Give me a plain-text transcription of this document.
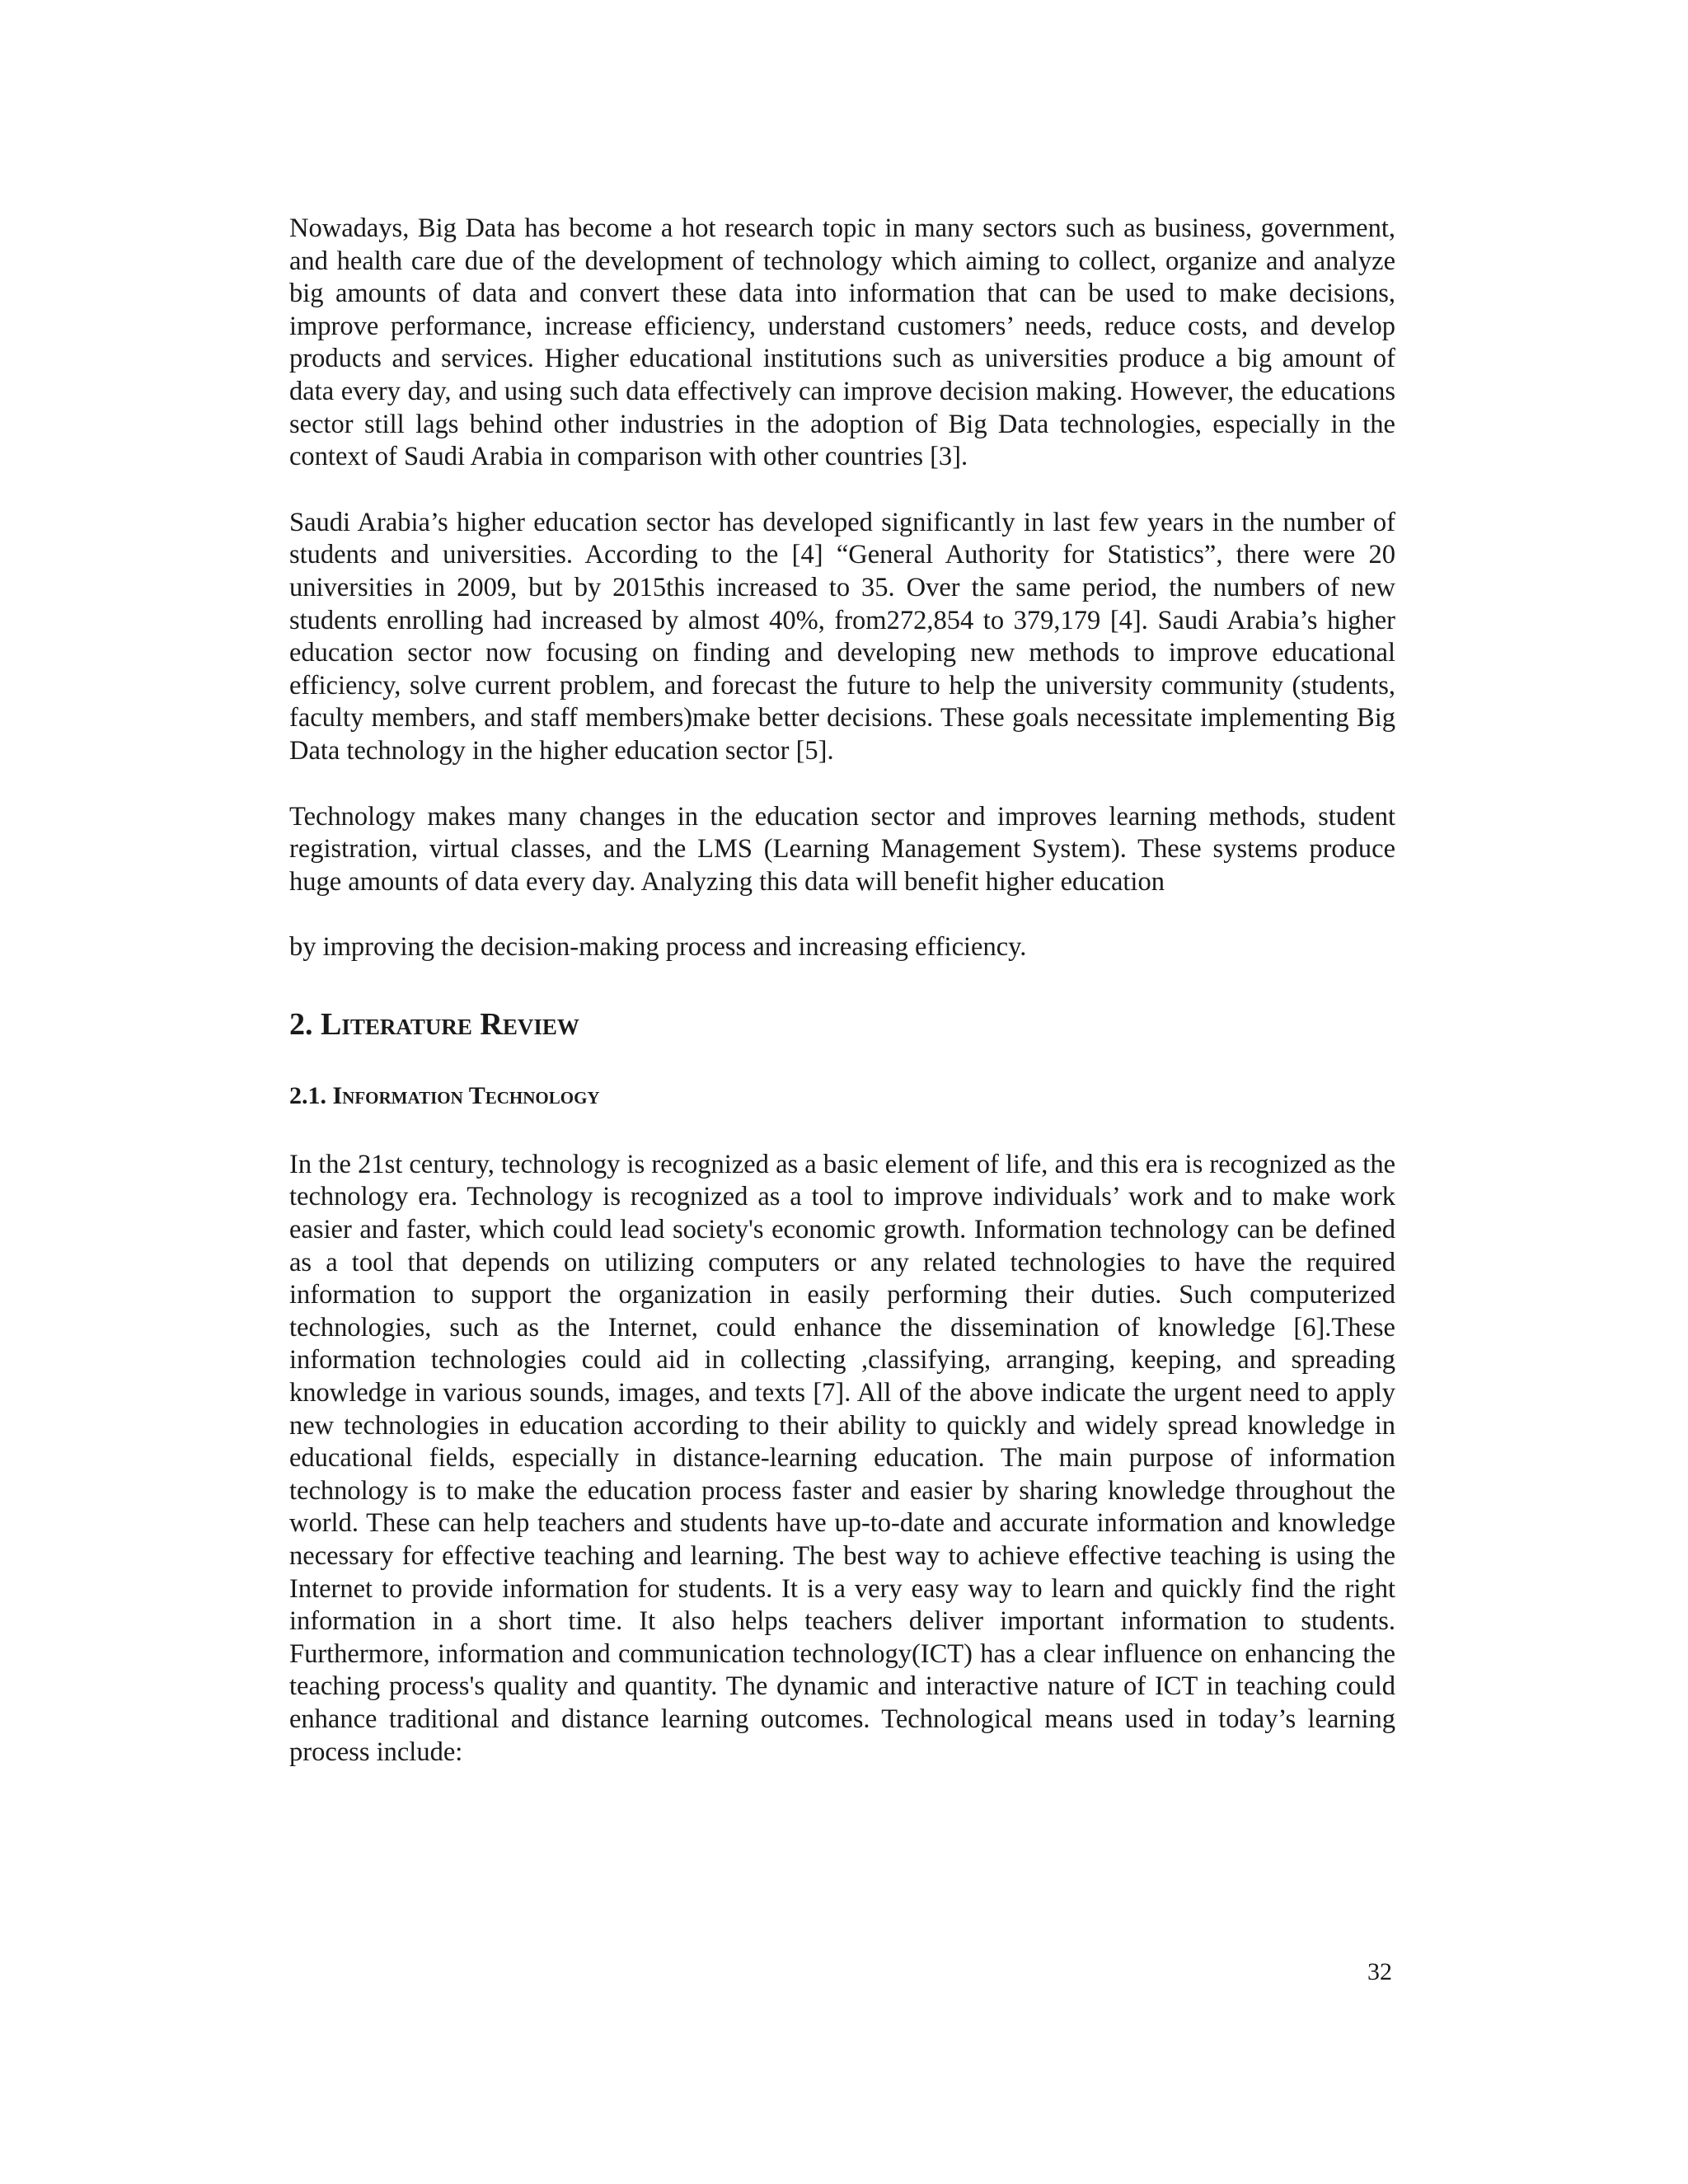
Nowadays, Big Data has become a hot research topic in many sectors such as business, government, and health care due of the development of technology which aiming to collect, organize and analyze big amounts of data and convert these data into information that can be used to make decisions, improve performance, increase efficiency, understand customers’ needs, reduce costs, and develop products and services. Higher educational institutions such as universities produce a big amount of data every day, and using such data effectively can improve decision making. However, the educations sector still lags behind other industries in the adoption of Big Data technologies, especially in the context of Saudi Arabia in comparison with other countries [3].

Saudi Arabia’s higher education sector has developed significantly in last few years in the number of students and universities. According to the [4] “General Authority for Statistics”, there were 20 universities in 2009, but by 2015this increased to 35. Over the same period, the numbers of new students enrolling had increased by almost 40%, from272,854 to 379,179 [4]. Saudi Arabia’s higher education sector now focusing on finding and developing new methods to improve educational efficiency, solve current problem, and forecast the future to help the university community (students, faculty members, and staff members)make better decisions. These goals necessitate implementing Big Data technology in the higher education sector [5].

Technology makes many changes in the education sector and improves learning methods, student registration, virtual classes, and the LMS (Learning Management System). These systems produce huge amounts of data every day. Analyzing this data will benefit higher education

by improving the decision-making process and increasing efficiency.

2. Literature Review
2.1. Information Technology

In the 21st century, technology is recognized as a basic element of life, and this era is recognized as the technology era. Technology is recognized as a tool to improve individuals’ work and to make work easier and faster, which could lead society's economic growth. Information technology can be defined as a tool that depends on utilizing computers or any related technologies to have the required information to support the organization in easily performing their duties. Such computerized technologies, such as the Internet, could enhance the dissemination of knowledge [6].These information technologies could aid in collecting ,classifying, arranging, keeping, and spreading knowledge in various sounds, images, and texts [7]. All of the above indicate the urgent need to apply new technologies in education according to their ability to quickly and widely spread knowledge in educational fields, especially in distance-learning education. The main purpose of information technology is to make the education process faster and easier by sharing knowledge throughout the world. These can help teachers and students have up-to-date and accurate information and knowledge necessary for effective teaching and learning. The best way to achieve effective teaching is using the Internet to provide information for students. It is a very easy way to learn and quickly find the right information in a short time. It also helps teachers deliver important information to students. Furthermore, information and communication technology(ICT) has a clear influence on enhancing the teaching process's quality and quantity. The dynamic and interactive nature of ICT in teaching could enhance traditional and distance learning outcomes. Technological means used in today’s learning process include:

32
